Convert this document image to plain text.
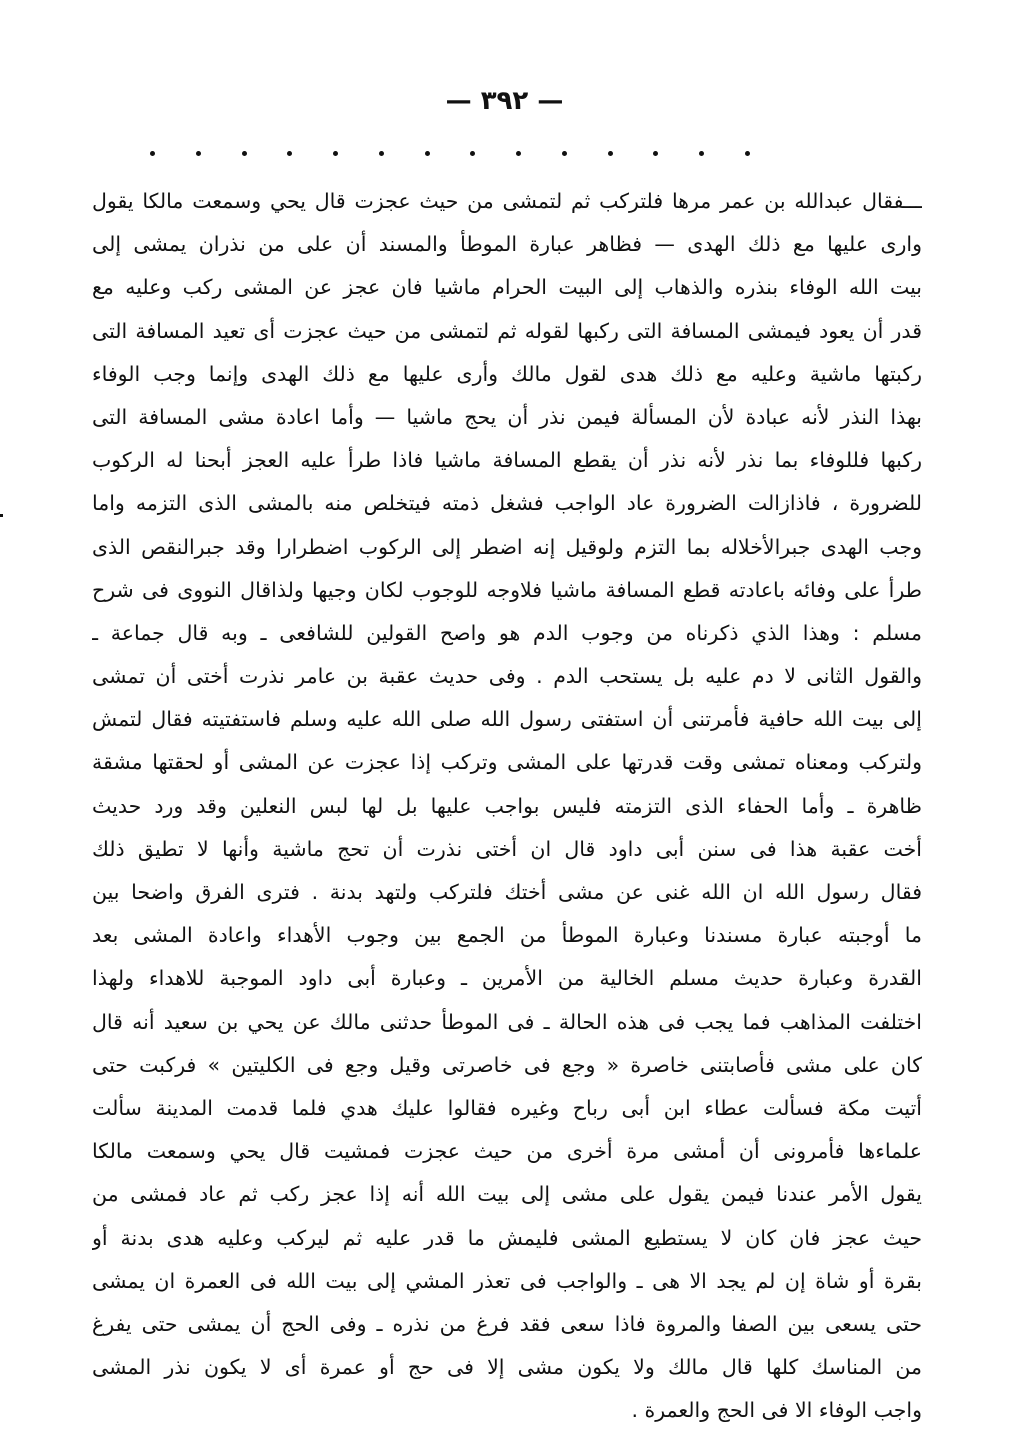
— ٣٩٢ —
ـــفقال عبدالله بن عمر مرها فلتركب ثم لتمشى من حيث عجزت قال يحي وسمعت مالكا يقول
وارى عليها مع ذلك الهدى — فظاهر عبارة الموطأ والمسند أن على من نذران يمشى إلى
بيت الله الوفاء بنذره والذهاب إلى البيت الحرام ماشيا فان عجز عن المشى ركب وعليه مع
قدر أن يعود فيمشى المسافة التى ركبها لقوله ثم لتمشى من حيث عجزت أى تعيد المسافة التى
ركبتها ماشية وعليه مع ذلك هدى لقول مالك وأرى عليها مع ذلك الهدى وإنما وجب الوفاء
بهذا النذر لأنه عبادة لأن المسألة فيمن نذر أن يحج ماشيا — وأما اعادة مشى المسافة التى
ركبها فللوفاء بما نذر لأنه نذر أن يقطع المسافة ماشيا فاذا طرأ عليه العجز أبحنا له الركوب
للضرورة ، فاذازالت الضرورة عاد الواجب فشغل ذمته فيتخلص منه بالمشى الذى التزمه واما
وجب الهدى جبرالأخلاله بما التزم ولوقيل إنه اضطر إلى الركوب اضطرارا وقد جبرالنقص الذى
طرأ على وفائه باعادته قطع المسافة ماشيا فلاوجه للوجوب لكان وجيها ولذاقال النووى فى شرح
مسلم : وهذا الذي ذكرناه من وجوب الدم هو واصح القولين للشافعى ـ وبه قال جماعة ـ
والقول الثانى لا دم عليه بل يستحب الدم . وفى حديث عقبة بن عامر نذرت أختى أن تمشى
إلى بيت الله حافية فأمرتنى أن استفتى رسول الله صلى الله عليه وسلم فاستفتيته فقال لتمش
ولتركب ومعناه تمشى وقت قدرتها على المشى وتركب إذا عجزت عن المشى أو لحقتها مشقة
ظاهرة ـ وأما الحفاء الذى التزمته فليس بواجب عليها بل لها لبس النعلين وقد ورد حديث
أخت عقبة هذا فى سنن أبى داود قال ان أختى نذرت أن تحج ماشية وأنها لا تطيق ذلك
فقال رسول الله ان الله غنى عن مشى أختك فلتركب ولتهد بدنة . فترى الفرق واضحا بين
ما أوجبته عبارة مسندنا وعبارة الموطأ من الجمع بين وجوب الأهداء واعادة المشى بعد
القدرة وعبارة حديث مسلم الخالية من الأمرين ـ وعبارة أبى داود الموجبة للاهداء ولهذا
اختلفت المذاهب فما يجب فى هذه الحالة ـ فى الموطأ حدثنى مالك عن يحي بن سعيد أنه قال
كان على مشى فأصابتنى خاصرة « وجع فى خاصرتى وقيل وجع فى الكليتين » فركبت حتى
أتيت مكة فسألت عطاء ابن أبى رباح وغيره فقالوا عليك هدي فلما قدمت المدينة سألت
علماءها فأمرونى أن أمشى مرة أخرى من حيث عجزت فمشيت قال يحي وسمعت مالكا
يقول الأمر عندنا فيمن يقول على مشى إلى بيت الله أنه إذا عجز ركب ثم عاد فمشى من
حيث عجز فان كان لا يستطيع المشى فليمش ما قدر عليه ثم ليركب وعليه هدى بدنة أو
بقرة أو شاة إن لم يجد الا هى ـ والواجب فى تعذر المشي إلى بيت الله فى العمرة ان يمشى
حتى يسعى بين الصفا والمروة فاذا سعى فقد فرغ من نذره ـ وفى الحج أن يمشى حتى يفرغ
من المناسك كلها قال مالك ولا يكون مشى إلا فى حج أو عمرة أى لا يكون نذر المشى
واجب الوفاء الا فى الحج والعمرة .
